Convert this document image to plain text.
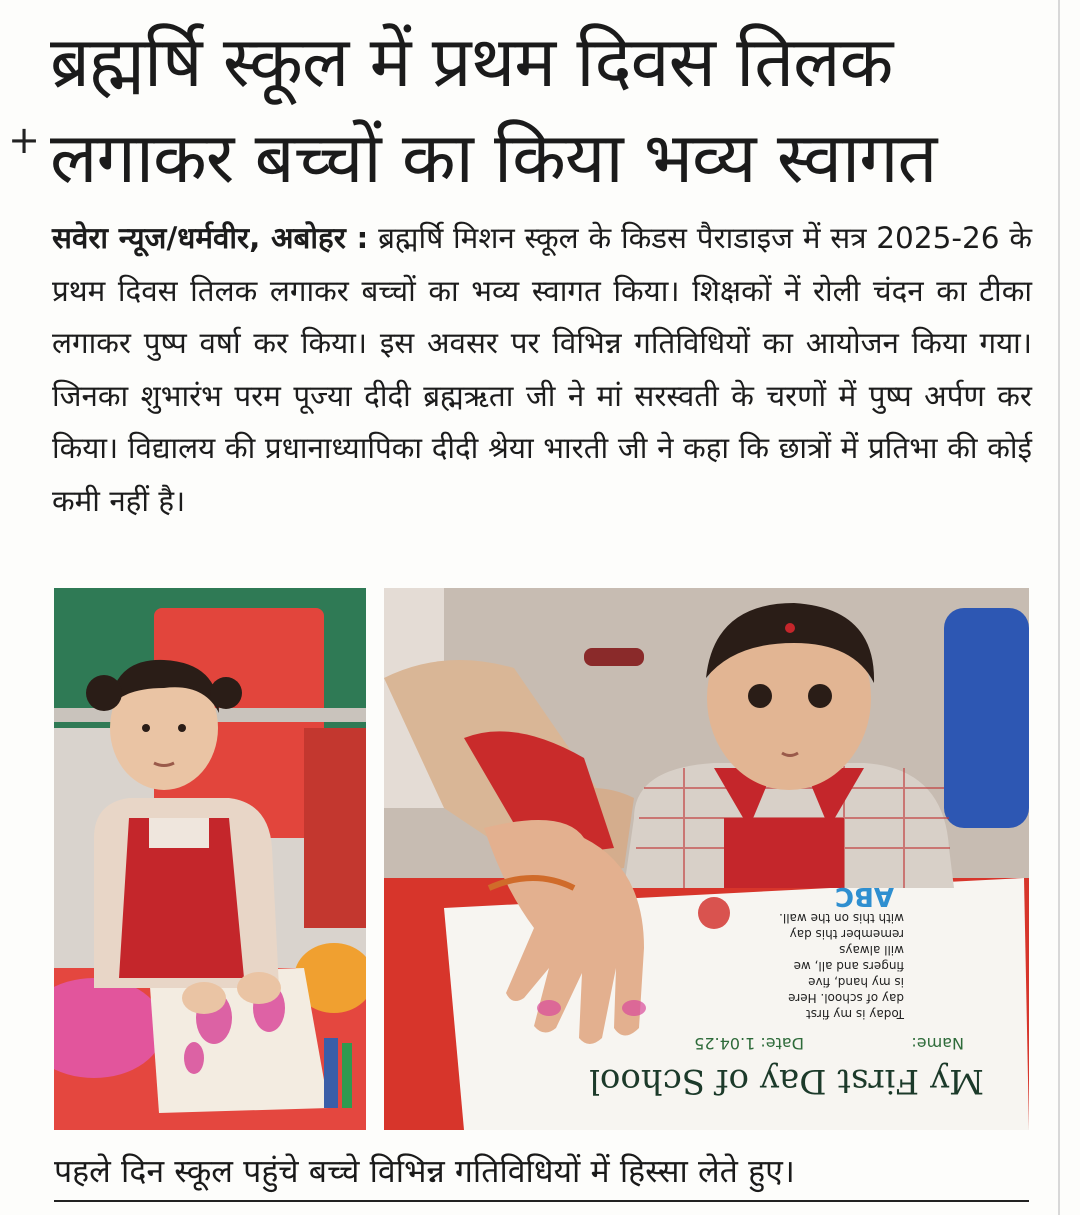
+
ब्रह्मर्षि स्कूल में प्रथम दिवस तिलक
लगाकर बच्चों का किया भव्य स्वागत

सवेरा न्यूज/धर्मवीर, अबोहर : ब्रह्मर्षि मिशन स्कूल के किडस पैराडाइज में सत्र 2025-26 के प्रथम दिवस तिलक लगाकर बच्चों का भव्य स्वागत किया। शिक्षकों नें रोली चंदन का टीका लगाकर पुष्प वर्षा कर किया। इस अवसर पर विभिन्न गतिविधियों का आयोजन किया गया। जिनका शुभारंभ परम पूज्या दीदी ब्रह्मऋता जी ने मां सरस्वती के चरणों में पुष्प अर्पण कर किया। विद्यालय की प्रधानाध्यापिका दीदी श्रेया भारती जी ने कहा कि छात्रों में प्रतिभा की कोई कमी नहीं है।

My First Day of School
Name:
Date: 1.04.25
Today is my first
day of school. Here
is my hand, five
fingers and all, we
will always
remember this day
with this on the wall.
ABC

पहले दिन स्कूल पहुंचे बच्चे विभिन्न गतिविधियों में हिस्सा लेते हुए।
